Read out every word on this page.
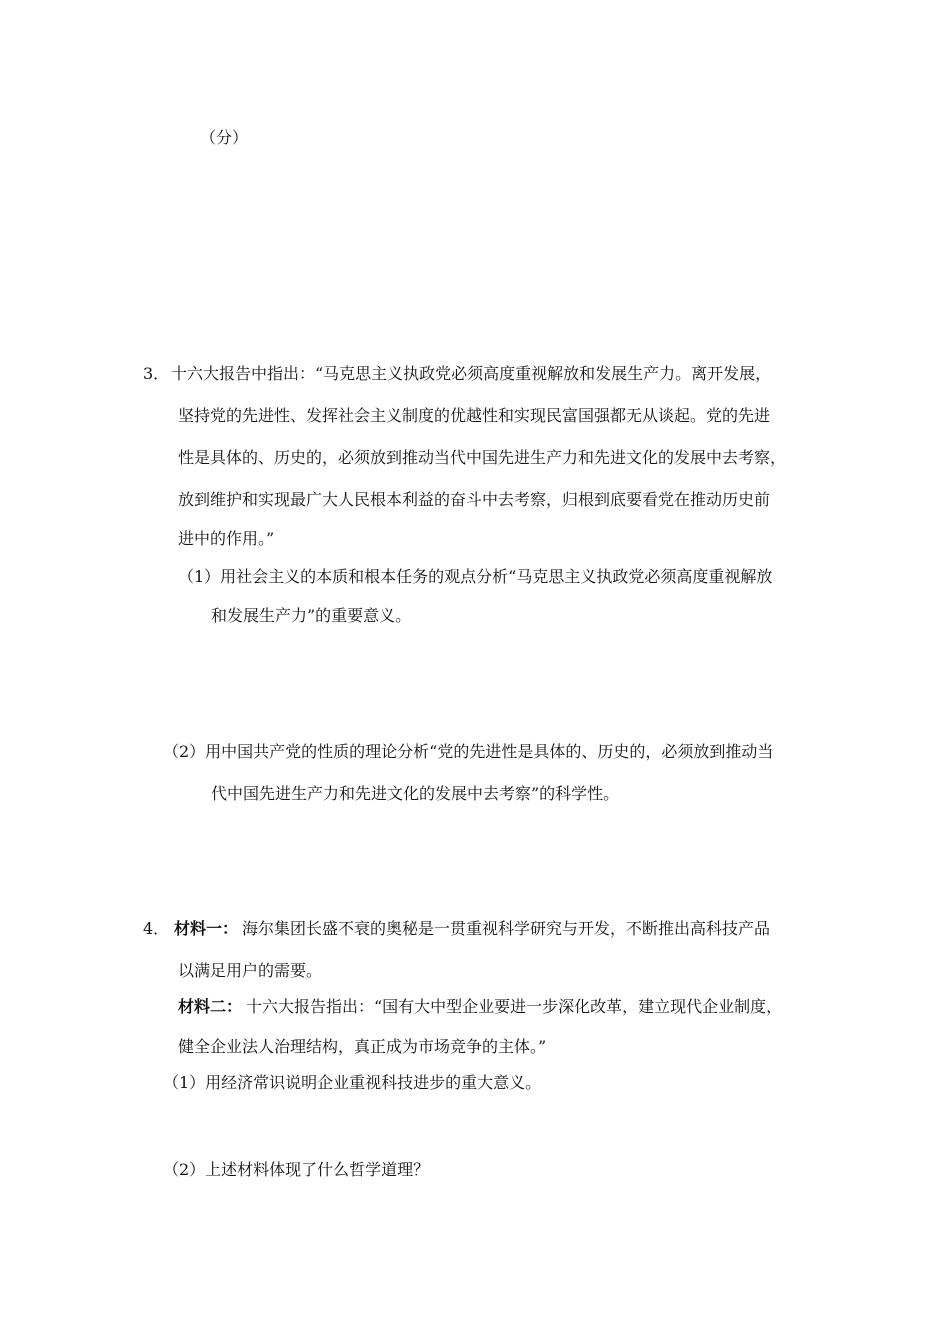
（分）
3． 十六大报告中指出：“马克思主义执政党必须高度重视解放和发展生产力。离开发展，
坚持党的先进性、发挥社会主义制度的优越性和实现民富国强都无从谈起。党的先进
性是具体的、历史的，必须放到推动当代中国先进生产力和先进文化的发展中去考察，
放到维护和实现最广大人民根本利益的奋斗中去考察，归根到底要看党在推动历史前
进中的作用。”
（1）用社会主义的本质和根本任务的观点分析“马克思主义执政党必须高度重视解放
和发展生产力”的重要意义。
（2）用中国共产党的性质的理论分析“党的先进性是具体的、历史的，必须放到推动当
代中国先进生产力和先进文化的发展中去考察”的科学性。
4． 材料一： 海尔集团长盛不衰的奥秘是一贯重视科学研究与开发，不断推出高科技产品
以满足用户的需要。
材料二： 十六大报告指出：“国有大中型企业要进一步深化改革，建立现代企业制度，
健全企业法人治理结构，真正成为市场竞争的主体。”
（1）用经济常识说明企业重视科技进步的重大意义。
（2）上述材料体现了什么哲学道理？
